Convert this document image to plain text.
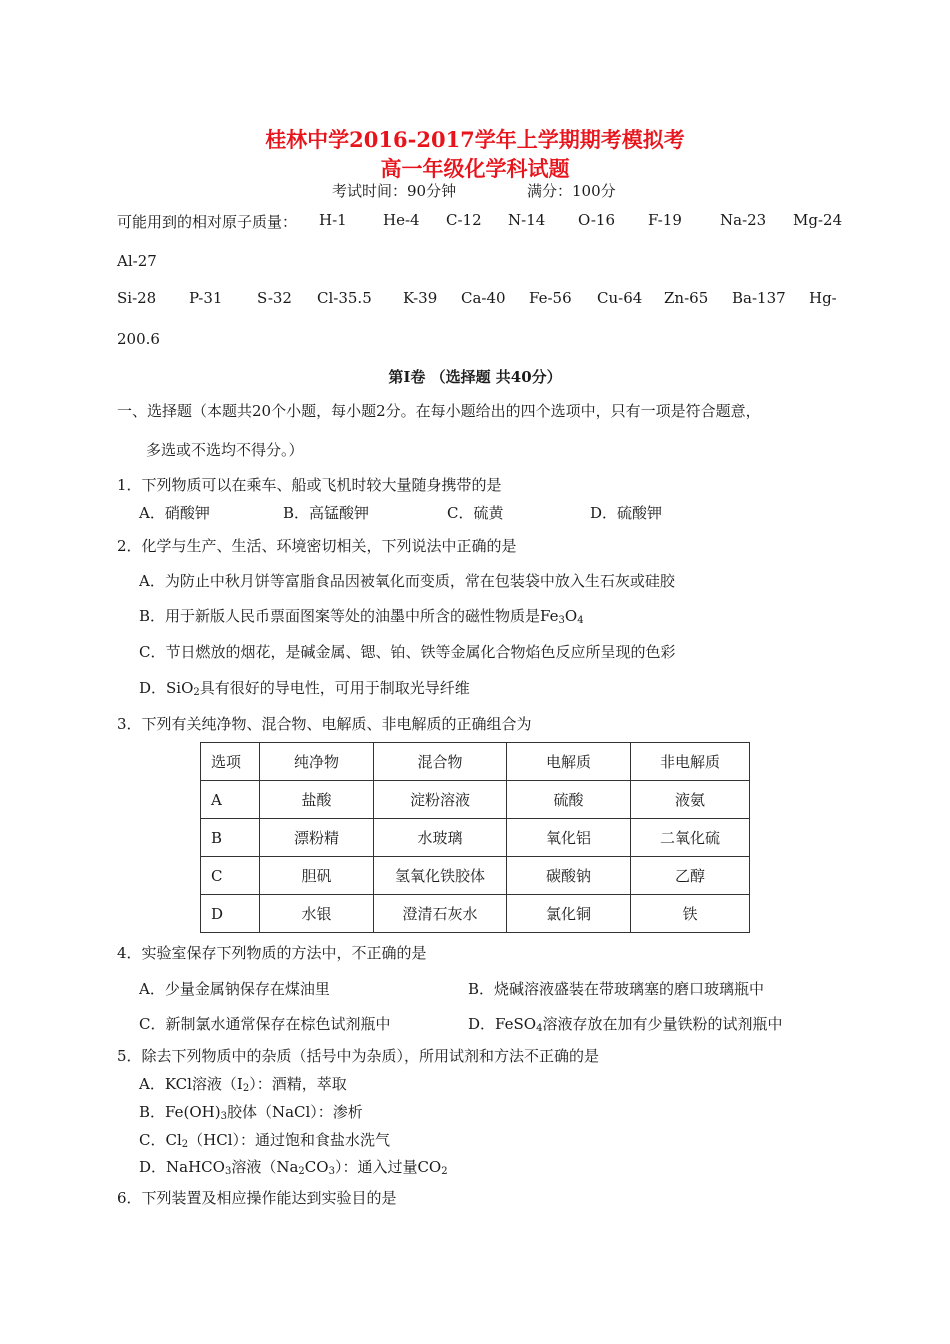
桂林中学2016-2017学年上学期期考模拟考
高一年级化学科试题
考试时间：90分钟	满分：100分
可能用到的相对原子质量： H-1 He-4 C-12 N-14 O-16 F-19	Na-23 Mg-24
Al-27
Si-28 P-31 S-32 Cl-35.5 K-39 Ca-40 Fe-56 Cu-64 Zn-65 Ba-137 Hg-
200.6
第Ⅰ卷 （选择题 共40分）
一、选择题（本题共20个小题，每小题2分。在每小题给出的四个选项中，只有一项是符合题意，
多选或不选均不得分。）
1．下列物质可以在乘车、船或飞机时较大量随身携带的是
A．硝酸钾	B．高锰酸钾	C．硫黄	D．硫酸钾
2．化学与生产、生活、环境密切相关，下列说法中正确的是
A．为防止中秋月饼等富脂食品因被氧化而变质，常在包装袋中放入生石灰或硅胶
B．用于新版人民币票面图案等处的油墨中所含的磁性物质是$Fe_3O_4$
C．节日燃放的烟花，是碱金属、锶、铂、铁等金属化合物焰色反应所呈现的色彩
D．SiO$_2$具有很好的导电性，可用于制取光导纤维
3．下列有关纯净物、混合物、电解质、非电解质的正确组合为
选项	纯净物	混合物	电解质	非电解质
A	盐酸	淀粉溶液	硫酸	液氨
B	漂粉精	水玻璃	氧化铝	二氧化硫
C	胆矾	氢氧化铁胶体	碳酸钠	乙醇
D	水银	澄清石灰水	氯化铜	铁
4．实验室保存下列物质的方法中，不正确的是
A．少量金属钠保存在煤油里	B．烧碱溶液盛装在带玻璃塞的磨口玻璃瓶中
C．新制氯水通常保存在棕色试剂瓶中	D．FeSO$_4$溶液存放在加有少量铁粉的试剂瓶中
5．除去下列物质中的杂质（括号中为杂质），所用试剂和方法不正确的是
A．KCl溶液$(I_2)$：酒精，萃取
B．$Fe(OH)_3$胶体（NaCl）：渗析
C．$Cl_2(HCl)$：通过饱和食盐水洗气
D．NaHCO$_3$溶液$(Na_2CO_3)$：通入过量$CO_2$
6．下列装置及相应操作能达到实验目的是
